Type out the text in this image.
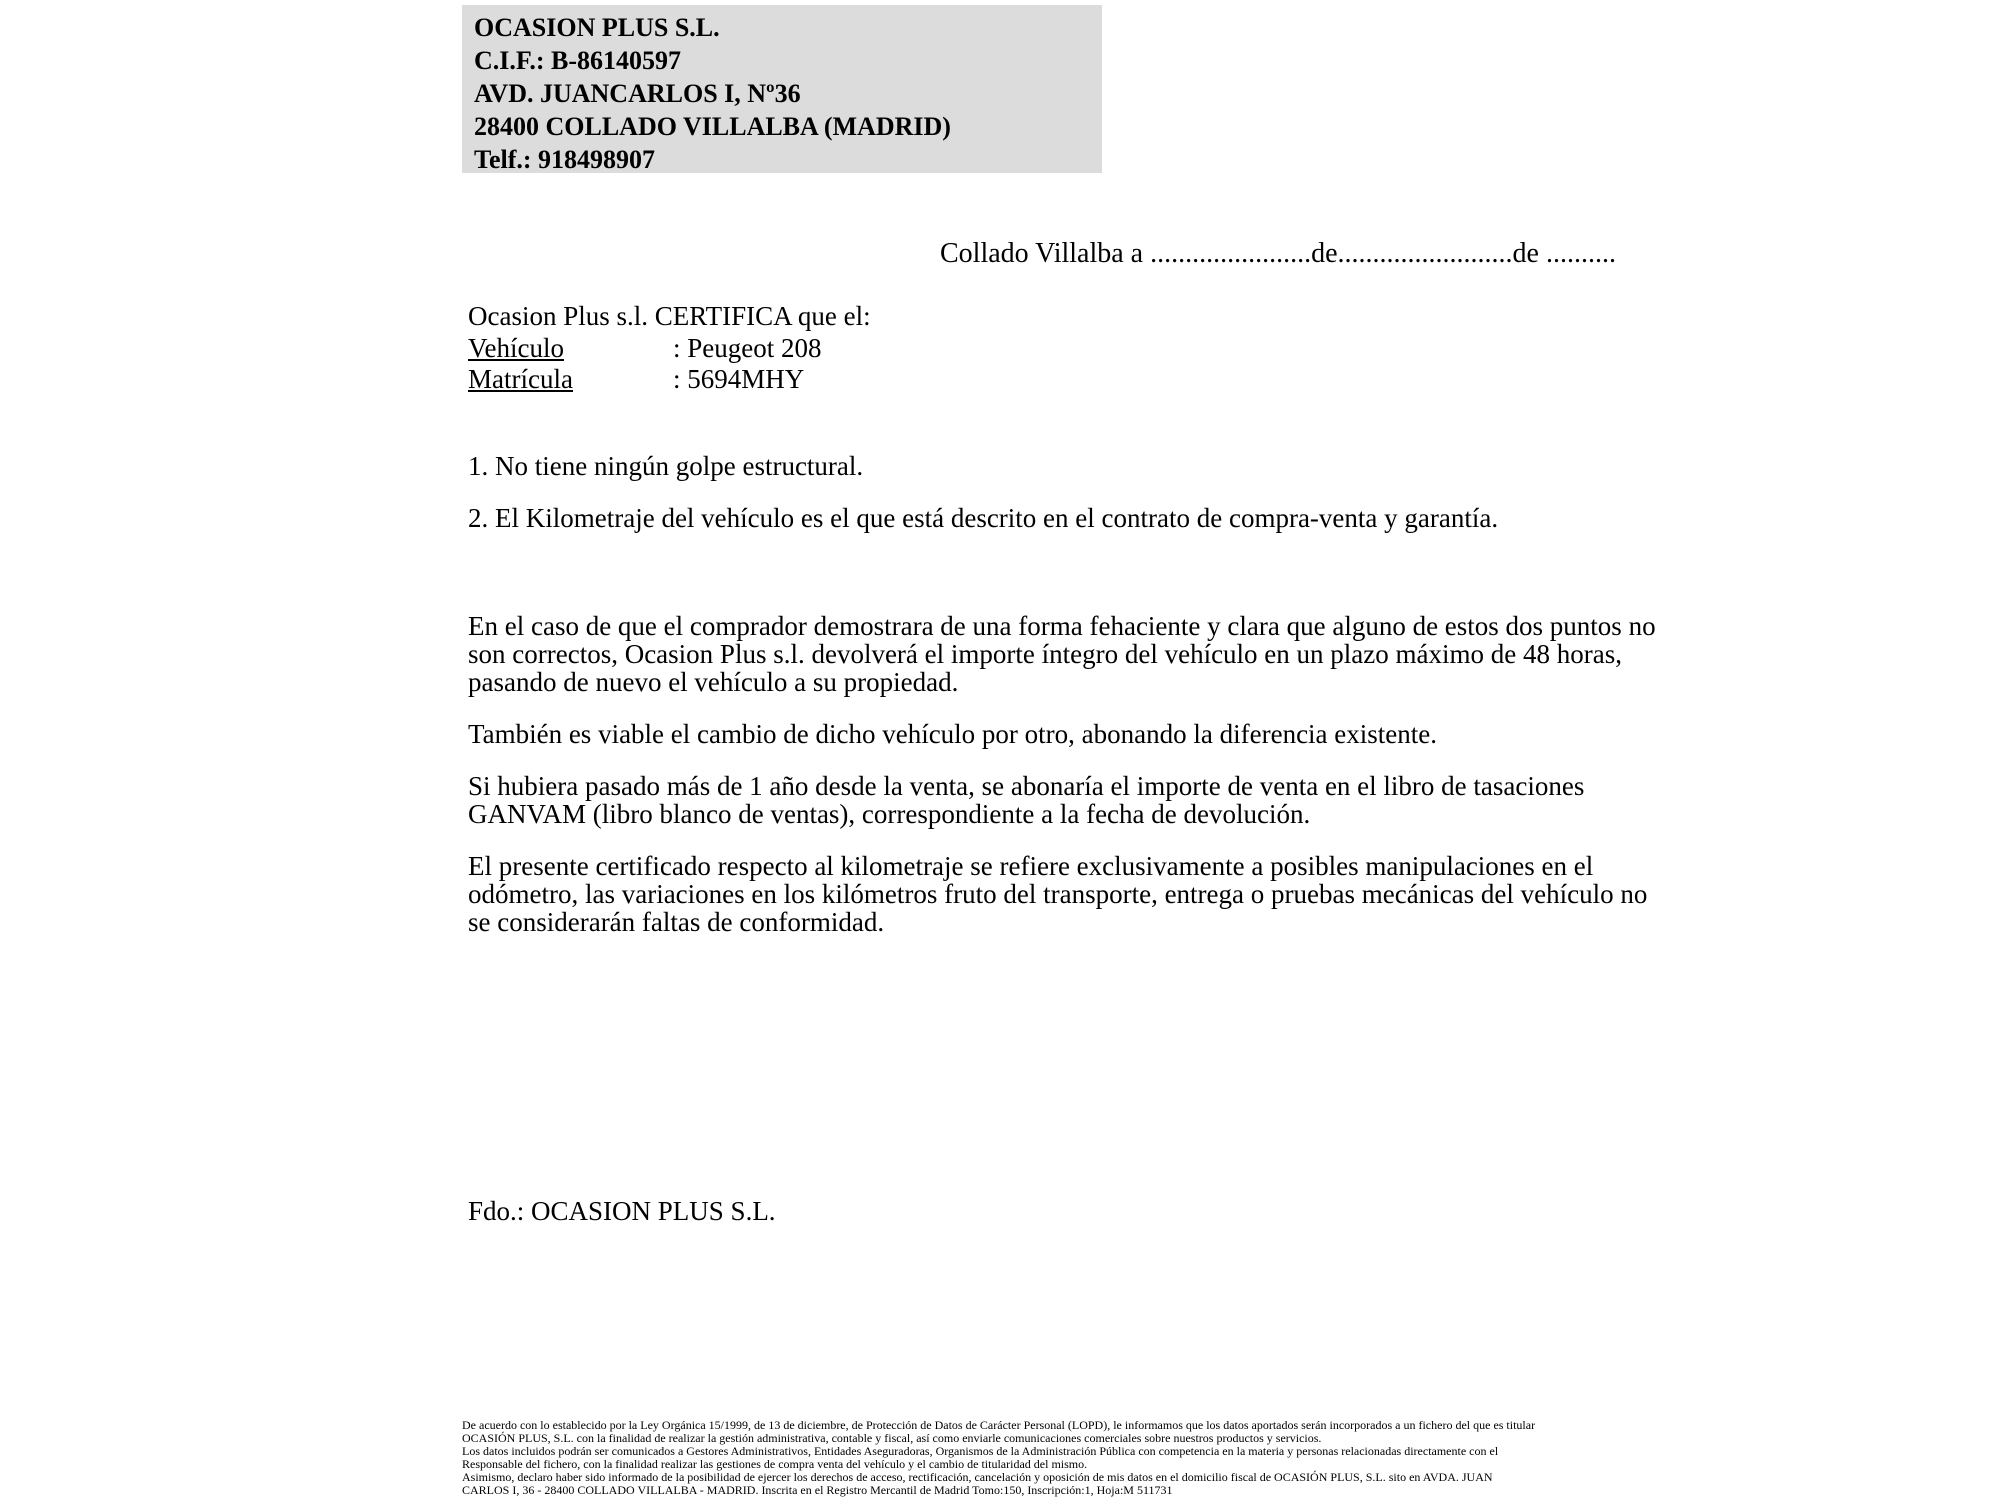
OCASION PLUS S.L.
C.I.F.: B-86140597
AVD. JUANCARLOS I, Nº36
28400 COLLADO VILLALBA (MADRID)
Telf.: 918498907
Collado Villalba a .......................de.........................de ..........
Ocasion Plus s.l. CERTIFICA que el:
Vehículo	: Peugeot 208
Matrícula	: 5694MHY
1. No tiene ningún golpe estructural.
2. El Kilometraje del vehículo es el que está descrito en el contrato de compra-venta y garantía.
En el caso de que el comprador demostrara de una forma fehaciente y clara que alguno de estos dos puntos no
son correctos, Ocasion Plus s.l. devolverá el importe íntegro del vehículo en un plazo máximo de 48 horas,
pasando de nuevo el vehículo a su propiedad.
También es viable el cambio de dicho vehículo por otro, abonando la diferencia existente.
Si hubiera pasado más de 1 año desde la venta, se abonaría el importe de venta en el libro de tasaciones
GANVAM (libro blanco de ventas), correspondiente a la fecha de devolución.
El presente certificado respecto al kilometraje se refiere exclusivamente a posibles manipulaciones en el
odómetro, las variaciones en los kilómetros fruto del transporte, entrega o pruebas mecánicas del vehículo no
se considerarán faltas de conformidad.
Fdo.: OCASION PLUS S.L.
De acuerdo con lo establecido por la Ley Orgánica 15/1999, de 13 de diciembre, de Protección de Datos de Carácter Personal (LOPD), le informamos que los datos aportados serán incorporados a un fichero del que es titular
OCASIÓN PLUS, S.L. con la finalidad de realizar la gestión administrativa, contable y fiscal, así como enviarle comunicaciones comerciales sobre nuestros productos y servicios.
Los datos incluidos podrán ser comunicados a Gestores Administrativos, Entidades Aseguradoras, Organismos de la Administración Pública con competencia en la materia y personas relacionadas directamente con el
Responsable del fichero, con la finalidad realizar las gestiones de compra venta del vehículo y el cambio de titularidad del mismo.
Asimismo, declaro haber sido informado de la posibilidad de ejercer los derechos de acceso, rectificación, cancelación y oposición de mis datos en el domicilio fiscal de OCASIÓN PLUS, S.L. sito en AVDA. JUAN
CARLOS I, 36 - 28400 COLLADO VILLALBA - MADRID. Inscrita en el Registro Mercantil de Madrid Tomo:150, Inscripción:1, Hoja:M 511731
